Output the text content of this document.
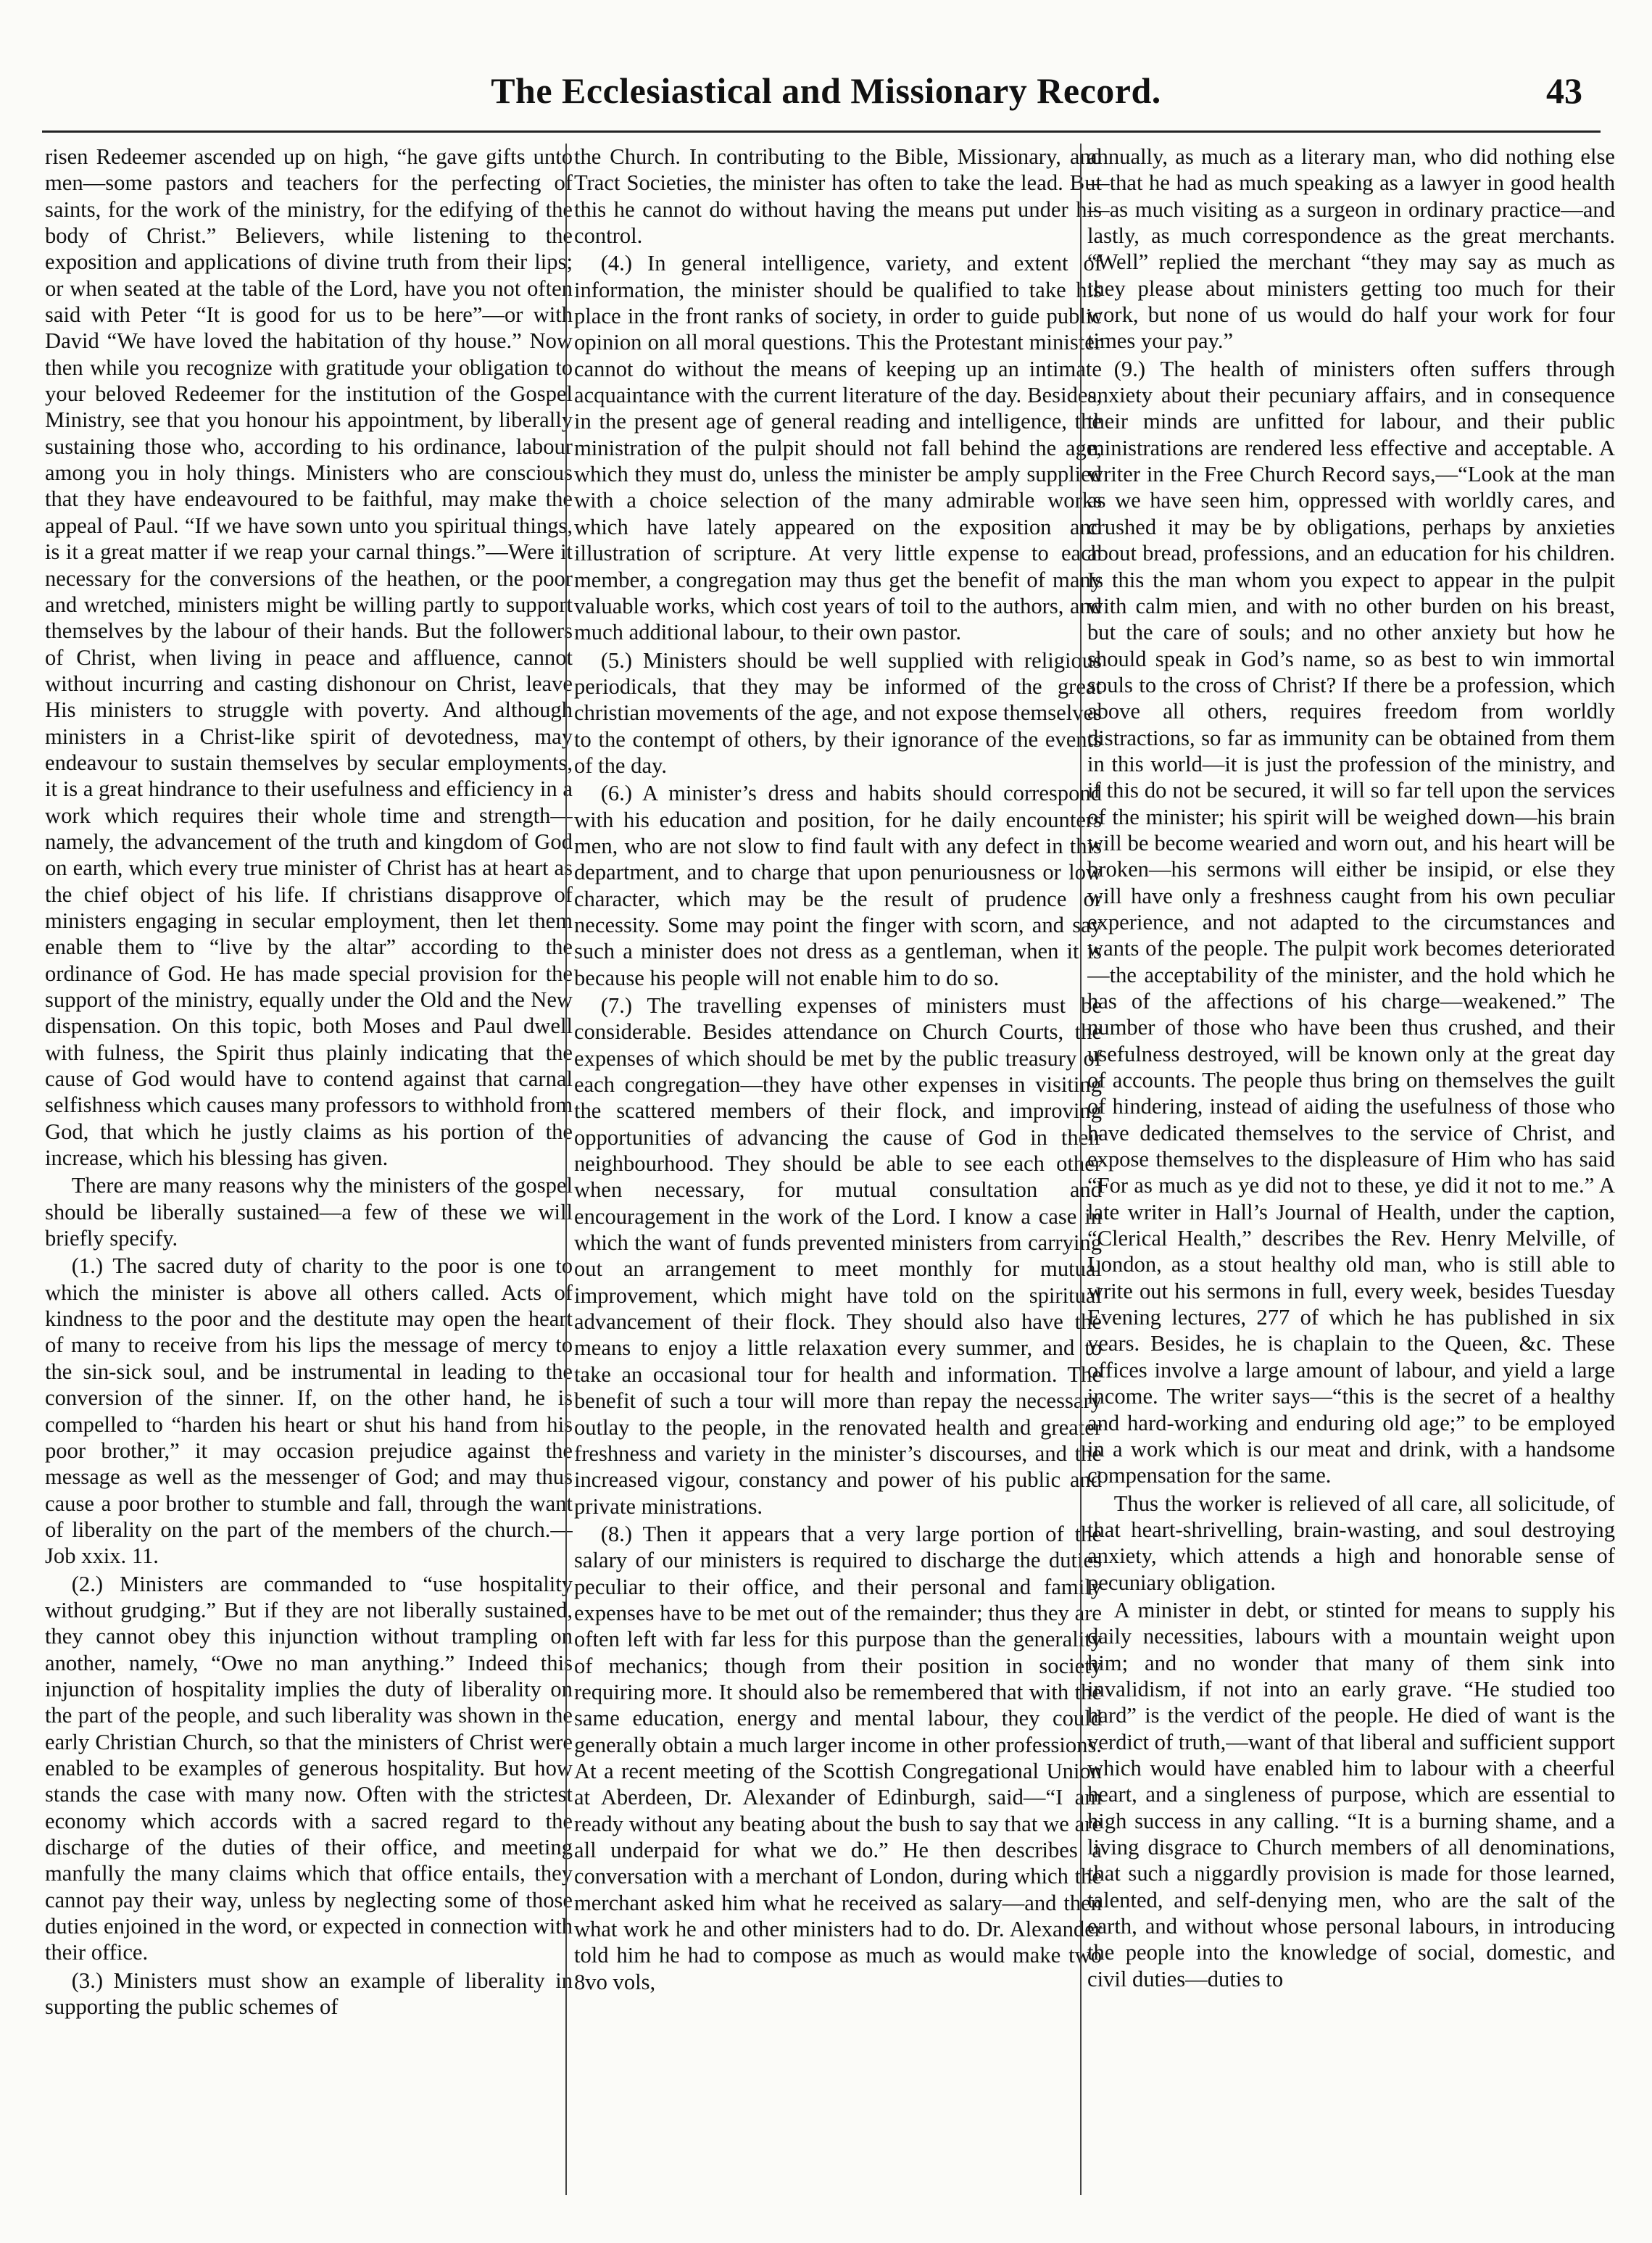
The Ecclesiastical and Missionary Record.	43

risen Redeemer ascended up on high, “he gave gifts unto men—some pastors and teachers for the perfecting of saints, for the work of the ministry, for the edifying of the body of Christ.” Believers, while listening to the exposition and applications of divine truth from their lips; or when seated at the table of the Lord, have you not often said with Peter “It is good for us to be here”—or with David “We have loved the habitation of thy house.” Now then while you recognize with gratitude your obligation to your beloved Redeemer for the institution of the Gospel Ministry, see that you honour his appointment, by liberally sustaining those who, according to his ordinance, labour among you in holy things. Ministers who are conscious that they have endeavoured to be faithful, may make the appeal of Paul. “If we have sown unto you spiritual things, is it a great matter if we reap your carnal things.”—Were it necessary for the conversions of the heathen, or the poor and wretched, ministers might be willing partly to support themselves by the labour of their hands. But the followers of Christ, when living in peace and affluence, cannot without incurring and casting dishonour on Christ, leave His ministers to struggle with poverty. And although ministers in a Christ-like spirit of devotedness, may endeavour to sustain themselves by secular employments, it is a great hindrance to their usefulness and efficiency in a work which requires their whole time and strength—namely, the advancement of the truth and kingdom of God on earth, which every true minister of Christ has at heart as the chief object of his life. If christians disapprove of ministers engaging in secular employment, then let them enable them to “live by the altar” according to the ordinance of God. He has made special provision for the support of the ministry, equally under the Old and the New dispensation. On this topic, both Moses and Paul dwell with fulness, the Spirit thus plainly indicating that the cause of God would have to contend against that carnal selfishness which causes many professors to withhold from God, that which he justly claims as his portion of the increase, which his blessing has given.

There are many reasons why the ministers of the gospel should be liberally sustained—a few of these we will briefly specify.

(1.) The sacred duty of charity to the poor is one to which the minister is above all others called. Acts of kindness to the poor and the destitute may open the heart of many to receive from his lips the message of mercy to the sin-sick soul, and be instrumental in leading to the conversion of the sinner. If, on the other hand, he is compelled to “harden his heart or shut his hand from his poor brother,” it may occasion prejudice against the message as well as the messenger of God; and may thus cause a poor brother to stumble and fall, through the want of liberality on the part of the members of the church.—Job xxix. 11.

(2.) Ministers are commanded to “use hospitality without grudging.” But if they are not liberally sustained, they cannot obey this injunction without trampling on another, namely, “Owe no man anything.” Indeed this injunction of hospitality implies the duty of liberality on the part of the people, and such liberality was shown in the early Christian Church, so that the ministers of Christ were enabled to be examples of generous hospitality. But how stands the case with many now. Often with the strictest economy which accords with a sacred regard to the discharge of the duties of their office, and meeting manfully the many claims which that office entails, they cannot pay their way, unless by neglecting some of those duties enjoined in the word, or expected in connection with their office.

(3.) Ministers must show an example of liberality in supporting the public schemes of

the Church. In contributing to the Bible, Missionary, and Tract Societies, the minister has often to take the lead. But this he cannot do without having the means put under his control.

(4.) In general intelligence, variety, and extent of information, the minister should be qualified to take his place in the front ranks of society, in order to guide public opinion on all moral questions. This the Protestant minister cannot do without the means of keeping up an intimate acquaintance with the current literature of the day. Besides, in the present age of general reading and intelligence, the ministration of the pulpit should not fall behind the age, which they must do, unless the minister be amply supplied with a choice selection of the many admirable works which have lately appeared on the exposition and illustration of scripture. At very little expense to each member, a congregation may thus get the benefit of many valuable works, which cost years of toil to the authors, and much additional labour, to their own pastor.

(5.) Ministers should be well supplied with religious periodicals, that they may be informed of the great christian movements of the age, and not expose themselves to the contempt of others, by their ignorance of the events of the day.

(6.) A minister’s dress and habits should correspond with his education and position, for he daily encounters men, who are not slow to find fault with any defect in this department, and to charge that upon penuriousness or low character, which may be the result of prudence or necessity. Some may point the finger with scorn, and say such a minister does not dress as a gentleman, when it is because his people will not enable him to do so.

(7.) The travelling expenses of ministers must be considerable. Besides attendance on Church Courts, the expenses of which should be met by the public treasury of each congregation—they have other expenses in visiting the scattered members of their flock, and improving opportunities of advancing the cause of God in their neighbourhood. They should be able to see each other when necessary, for mutual consultation and encouragement in the work of the Lord. I know a case in which the want of funds prevented ministers from carrying out an arrangement to meet monthly for mutual improvement, which might have told on the spiritual advancement of their flock. They should also have the means to enjoy a little relaxation every summer, and to take an occasional tour for health and information. The benefit of such a tour will more than repay the necessary outlay to the people, in the renovated health and greater freshness and variety in the minister’s discourses, and the increased vigour, constancy and power of his public and private ministrations.

(8.) Then it appears that a very large portion of the salary of our ministers is required to discharge the duties peculiar to their office, and their personal and family expenses have to be met out of the remainder; thus they are often left with far less for this purpose than the generality of mechanics; though from their position in society requiring more. It should also be remembered that with the same education, energy and mental labour, they could generally obtain a much larger income in other professions. At a recent meeting of the Scottish Congregational Union at Aberdeen, Dr. Alexander of Edinburgh, said—“I am ready without any beating about the bush to say that we are all underpaid for what we do.” He then describes a conversation with a merchant of London, during which the merchant asked him what he received as salary—and then what work he and other ministers had to do. Dr. Alexander told him he had to compose as much as would make two 8vo vols,

annually, as much as a literary man, who did nothing else—that he had as much speaking as a lawyer in good health—as much visiting as a surgeon in ordinary practice—and lastly, as much correspondence as the great merchants. “Well” replied the merchant “they may say as much as they please about ministers getting too much for their work, but none of us would do half your work for four times your pay.”

(9.) The health of ministers often suffers through anxiety about their pecuniary affairs, and in consequence their minds are unfitted for labour, and their public ministrations are rendered less effective and acceptable. A writer in the Free Church Record says,—“Look at the man as we have seen him, oppressed with worldly cares, and crushed it may be by obligations, perhaps by anxieties about bread, professions, and an education for his children. Is this the man whom you expect to appear in the pulpit with calm mien, and with no other burden on his breast, but the care of souls; and no other anxiety but how he should speak in God’s name, so as best to win immortal souls to the cross of Christ? If there be a profession, which above all others, requires freedom from worldly distractions, so far as immunity can be obtained from them in this world—it is just the profession of the ministry, and if this do not be secured, it will so far tell upon the services of the minister; his spirit will be weighed down—his brain will be become wearied and worn out, and his heart will be broken—his sermons will either be insipid, or else they will have only a freshness caught from his own peculiar experience, and not adapted to the circumstances and wants of the people. The pulpit work becomes deteriorated—the acceptability of the minister, and the hold which he has of the affections of his charge—weakened.” The number of those who have been thus crushed, and their usefulness destroyed, will be known only at the great day of accounts. The people thus bring on themselves the guilt of hindering, instead of aiding the usefulness of those who have dedicated themselves to the service of Christ, and expose themselves to the displeasure of Him who has said “For as much as ye did not to these, ye did it not to me.” A late writer in Hall’s Journal of Health, under the caption, “Clerical Health,” describes the Rev. Henry Melville, of London, as a stout healthy old man, who is still able to write out his sermons in full, every week, besides Tuesday Evening lectures, 277 of which he has published in six years. Besides, he is chaplain to the Queen, &c. These offices involve a large amount of labour, and yield a large income. The writer says—“this is the secret of a healthy and hard-working and enduring old age;” to be employed in a work which is our meat and drink, with a handsome compensation for the same.

Thus the worker is relieved of all care, all solicitude, of that heart-shrivelling, brain-wasting, and soul destroying anxiety, which attends a high and honorable sense of pecuniary obligation.

A minister in debt, or stinted for means to supply his daily necessities, labours with a mountain weight upon him; and no wonder that many of them sink into invalidism, if not into an early grave. “He studied too hard” is the verdict of the people. He died of want is the verdict of truth,—want of that liberal and sufficient support which would have enabled him to labour with a cheerful heart, and a singleness of purpose, which are essential to high success in any calling. “It is a burning shame, and a living disgrace to Church members of all denominations, that such a niggardly provision is made for those learned, talented, and self-denying men, who are the salt of the earth, and without whose personal labours, in introducing the people into the knowledge of social, domestic, and civil duties—duties to
